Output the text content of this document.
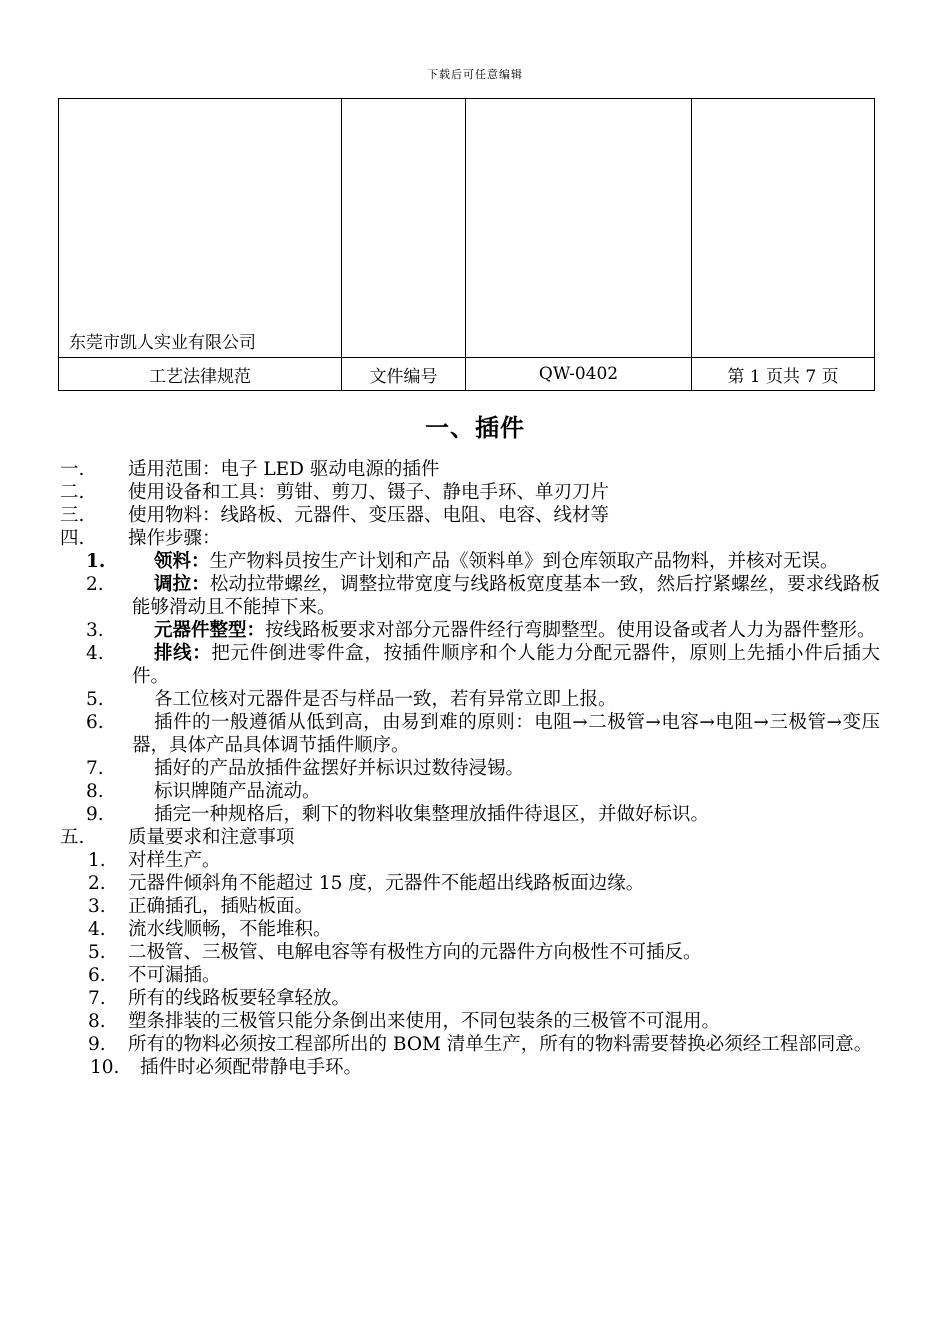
下载后可任意编辑
东莞市凯人实业有限公司			

工艺法律规范	文件编号	QW-0402	第 1 页共 7 页
一、插件
一. 适用范围：电子 LED 驱动电源的插件
二. 使用设备和工具：剪钳、剪刀、镊子、静电手环、单刃刀片
三. 使用物料：线路板、元器件、变压器、电阻、电容、线材等
四. 操作步骤：
1.	领料：生产物料员按生产计划和产品《领料单》到仓库领取产品物料，并核对无误。
2.	调拉：松动拉带螺丝，调整拉带宽度与线路板宽度基本一致，然后拧紧螺丝，要求线路板能够滑动且不能掉下来。
3.	元器件整型：按线路板要求对部分元器件经行弯脚整型。使用设备或者人力为器件整形。
4.	排线：把元件倒进零件盒，按插件顺序和个人能力分配元器件，原则上先插小件后插大件。
5.	各工位核对元器件是否与样品一致，若有异常立即上报。
6.	插件的一般遵循从低到高，由易到难的原则：电阻→二极管→电容→电阻→三极管→变压器，具体产品具体调节插件顺序。
7.	插好的产品放插件盆摆好并标识过数待浸锡。
8.	标识牌随产品流动。
9.	插完一种规格后，剩下的物料收集整理放插件待退区，并做好标识。
五. 质量要求和注意事项
1.	对样生产。
2.	元器件倾斜角不能超过 15 度，元器件不能超出线路板面边缘。
3.	正确插孔，插贴板面。
4.	流水线顺畅，不能堆积。
5.	二极管、三极管、电解电容等有极性方向的元器件方向极性不可插反。
6.	不可漏插。
7.	所有的线路板要轻拿轻放。
8.	塑条排装的三极管只能分条倒出来使用，不同包装条的三极管不可混用。
9.	所有的物料必须按工程部所出的 BOM 清单生产，所有的物料需要替换必须经工程部同意。
10.	插件时必须配带静电手环。
